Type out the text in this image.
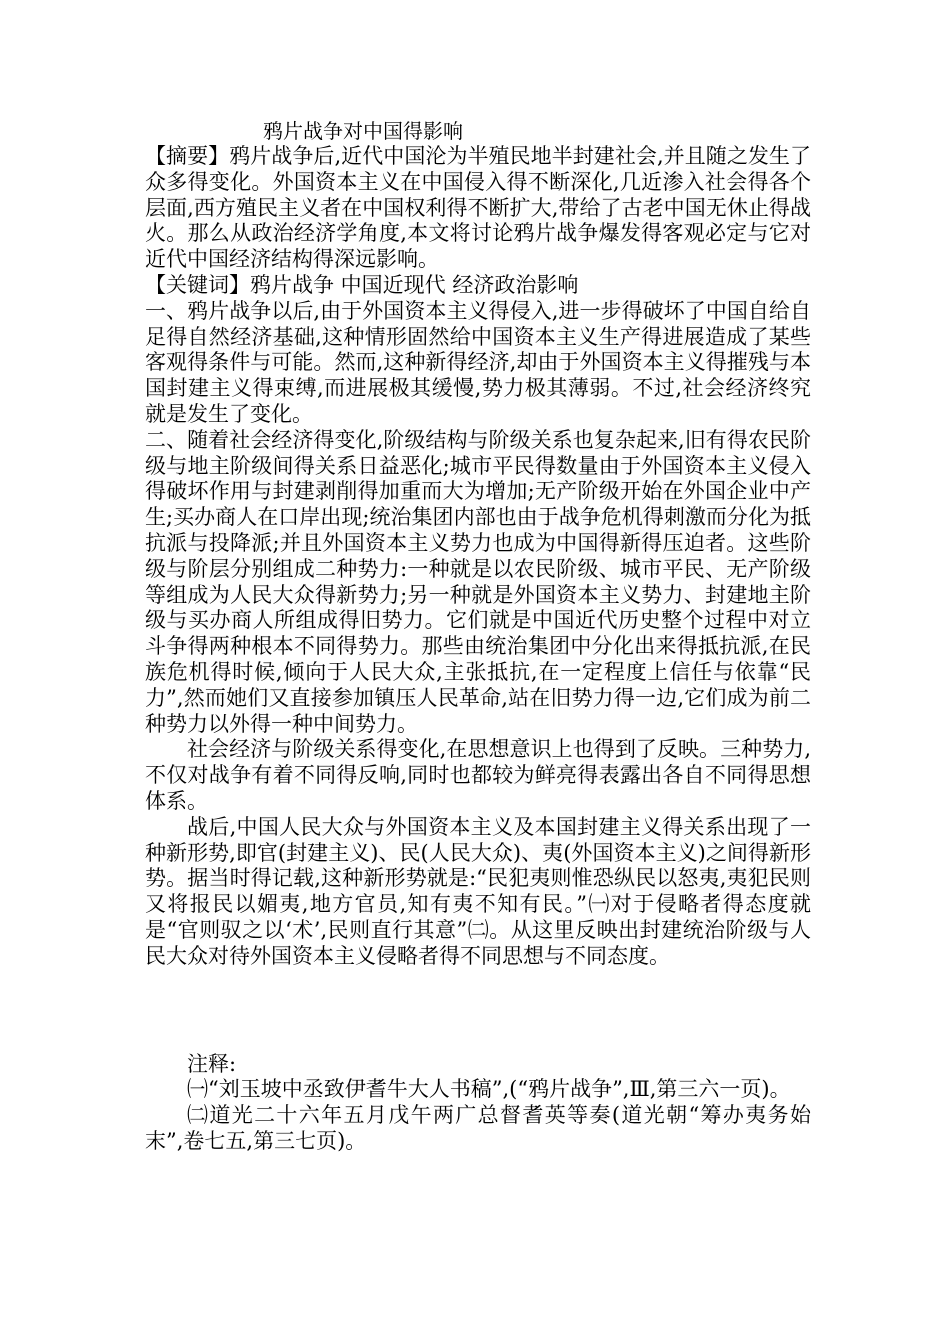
鸦片战争对中国得影响

【摘要】鸦片战争后,近代中国沦为半殖民地半封建社会,并且随之发生了众多得变化。外国资本主义在中国侵入得不断深化,几近渗入社会得各个层面,西方殖民主义者在中国权利得不断扩大,带给了古老中国无休止得战火。那么从政治经济学角度,本文将讨论鸦片战争爆发得客观必定与它对近代中国经济结构得深远影响。

【关键词】鸦片战争 中国近现代 经济政治影响

一、鸦片战争以后,由于外国资本主义得侵入,进一步得破坏了中国自给自足得自然经济基础,这种情形固然给中国资本主义生产得进展造成了某些客观得条件与可能。然而,这种新得经济,却由于外国资本主义得摧残与本国封建主义得束缚,而进展极其缓慢,势力极其薄弱。不过,社会经济终究就是发生了变化。

二、随着社会经济得变化,阶级结构与阶级关系也复杂起来,旧有得农民阶级与地主阶级间得关系日益恶化;城市平民得数量由于外国资本主义侵入得破坏作用与封建剥削得加重而大为增加;无产阶级开始在外国企业中产生;买办商人在口岸出现;统治集团内部也由于战争危机得刺激而分化为抵抗派与投降派;并且外国资本主义势力也成为中国得新得压迫者。这些阶级与阶层分别组成二种势力:一种就是以农民阶级、城市平民、无产阶级等组成为人民大众得新势力;另一种就是外国资本主义势力、封建地主阶级与买办商人所组成得旧势力。它们就是中国近代历史整个过程中对立斗争得两种根本不同得势力。那些由统治集团中分化出来得抵抗派,在民族危机得时候,倾向于人民大众,主张抵抗,在一定程度上信任与依靠“民力”,然而她们又直接参加镇压人民革命,站在旧势力得一边,它们成为前二种势力以外得一种中间势力。

社会经济与阶级关系得变化,在思想意识上也得到了反映。三种势力,不仅对战争有着不同得反响,同时也都较为鲜亮得表露出各自不同得思想体系。

战后,中国人民大众与外国资本主义及本国封建主义得关系出现了一种新形势,即官(封建主义)、民(人民大众)、夷(外国资本主义)之间得新形势。据当时得记载,这种新形势就是:“民犯夷则惟恐纵民以怒夷,夷犯民则又将报民以媚夷,地方官员,知有夷不知有民。”㈠对于侵略者得态度就是“官则驭之以‘术’,民则直行其意”㈡。从这里反映出封建统治阶级与人民大众对待外国资本主义侵略者得不同思想与不同态度。

注释:

㈠“刘玉坡中丞致伊耆牛大人书稿”,(“鸦片战争”,Ⅲ,第三六一页)。

㈡道光二十六年五月戊午两广总督耆英等奏(道光朝“筹办夷务始末”,卷七五,第三七页)。
